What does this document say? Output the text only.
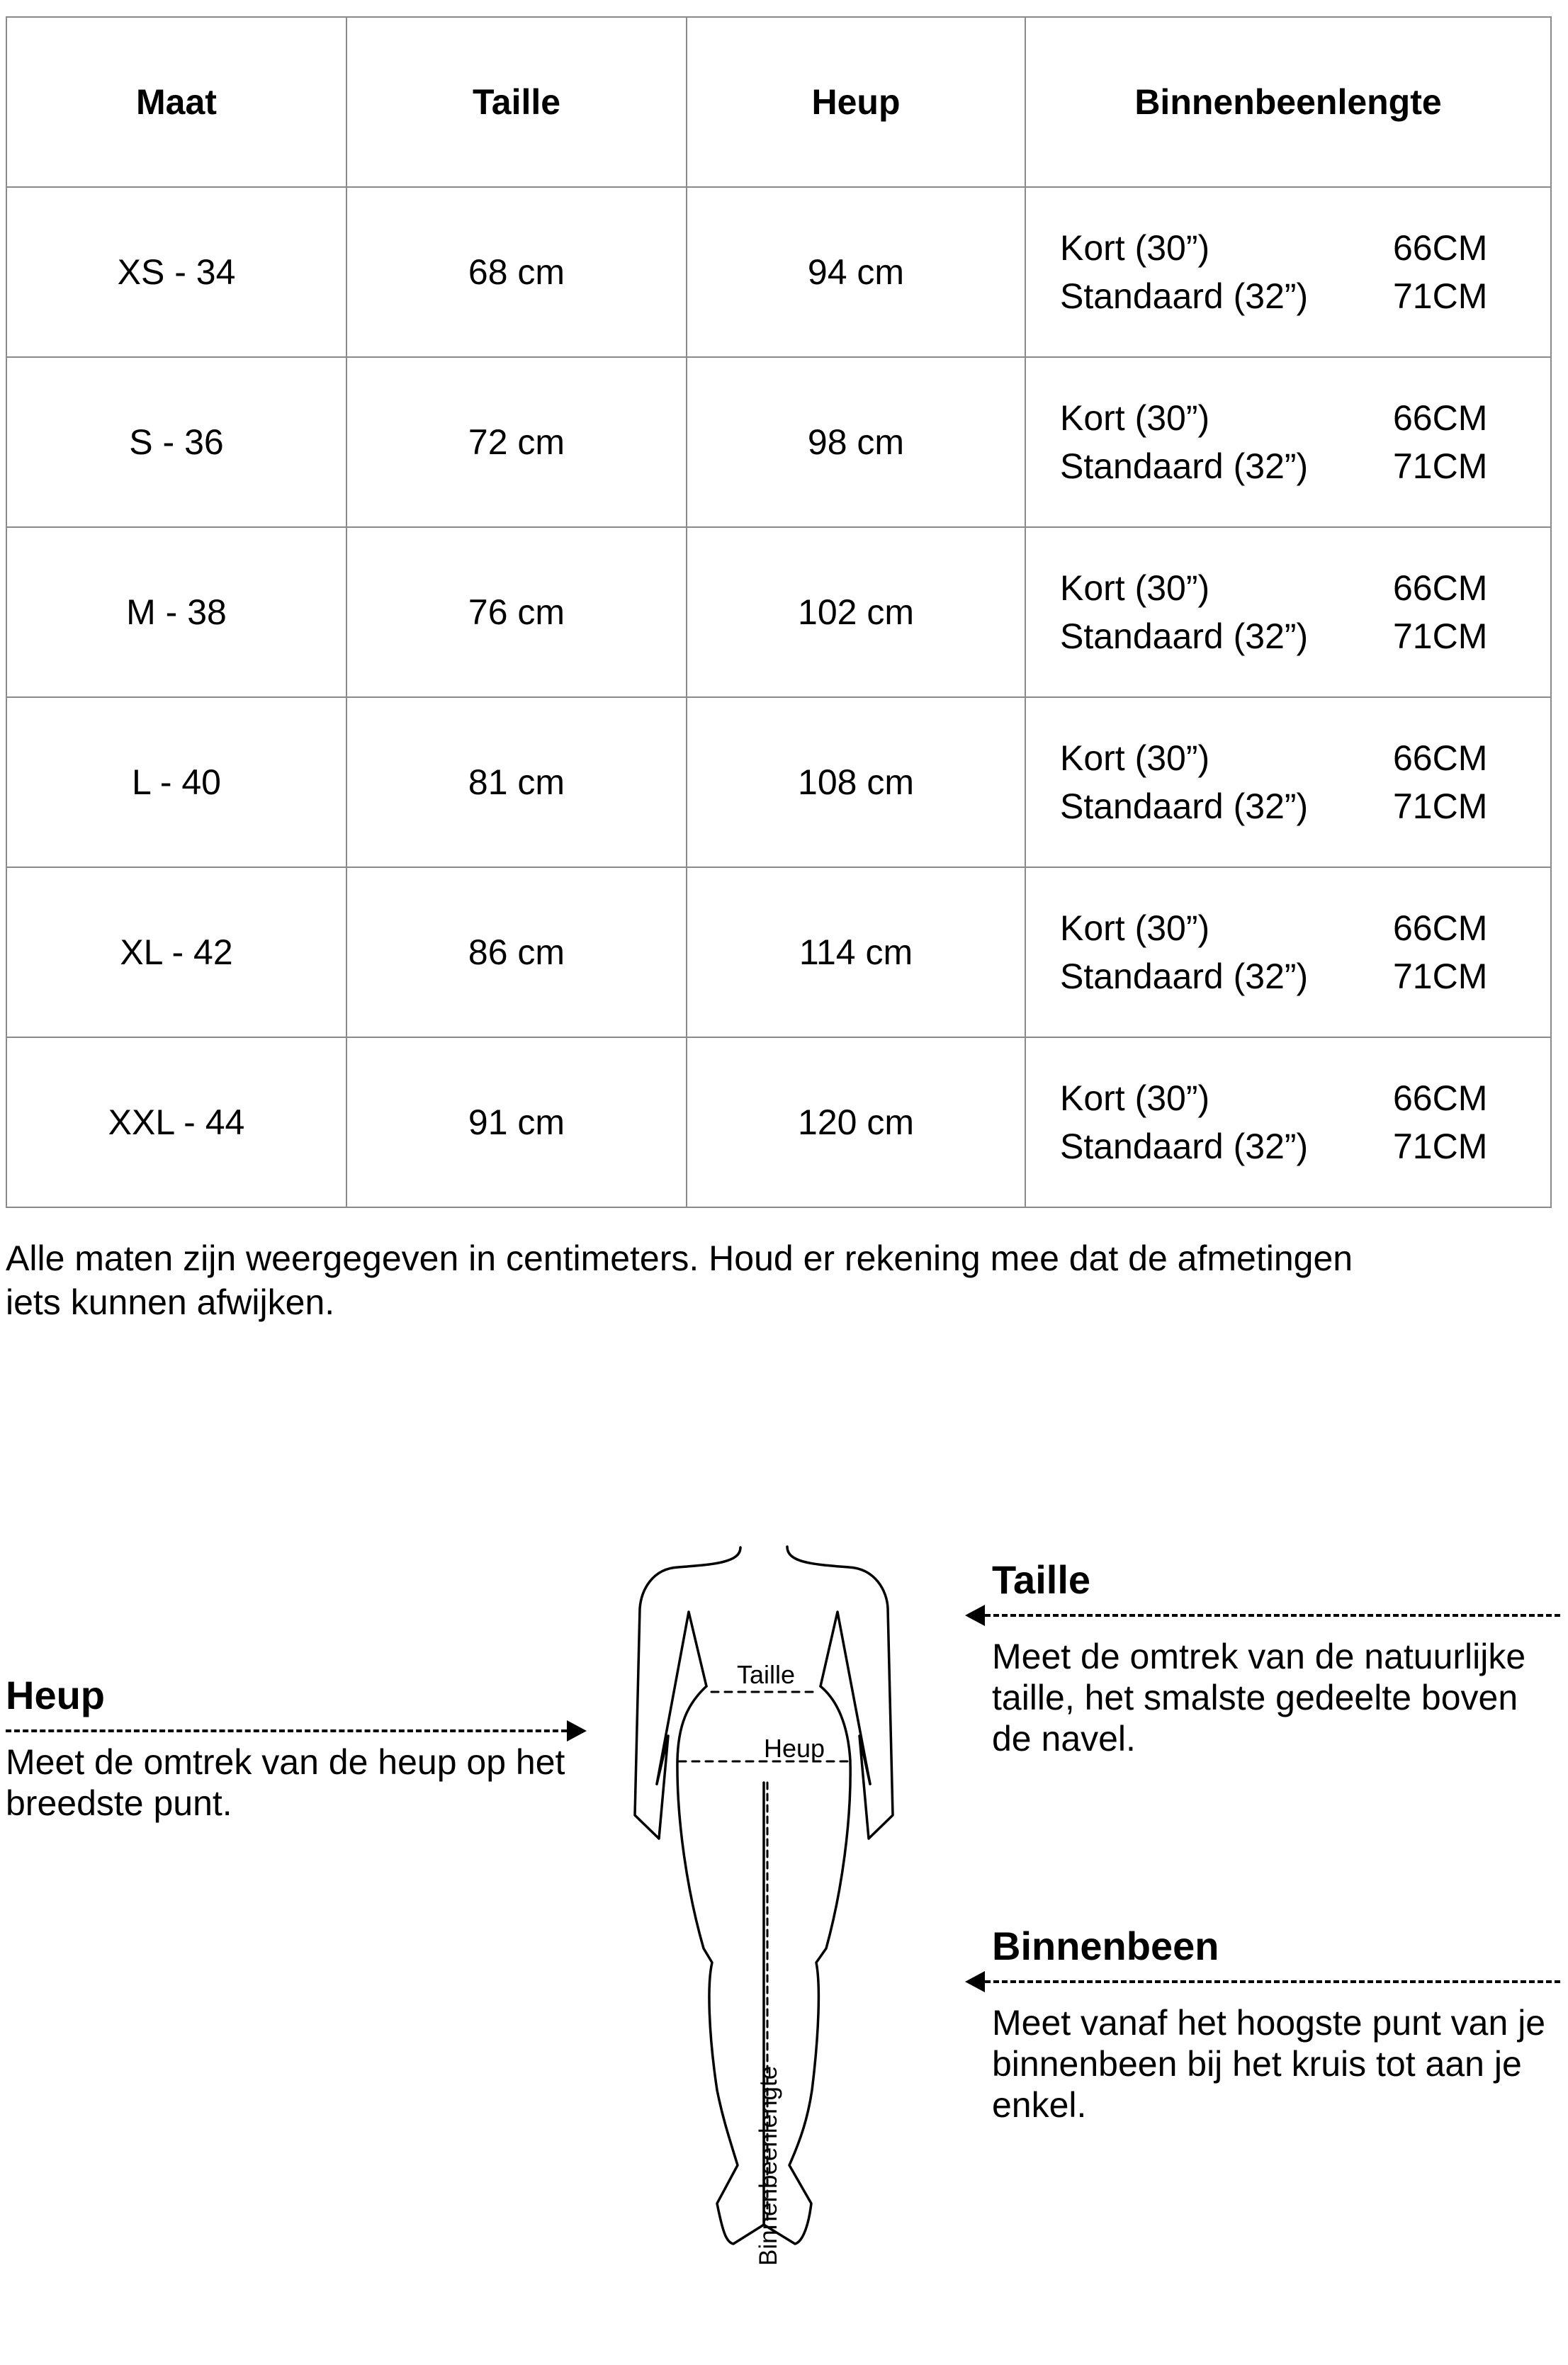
Maat	Taille	Heup	Binnenbeenlengte
XS - 34	68 cm	94 cm	Kort (30”) 66CM
Standaard (32”) 71CM

S - 36	72 cm	98 cm	Kort (30”) 66CM
Standaard (32”) 71CM

M - 38	76 cm	102 cm	Kort (30”) 66CM
Standaard (32”) 71CM

L - 40	81 cm	108 cm	Kort (30”) 66CM
Standaard (32”) 71CM

XL - 42	86 cm	114 cm	Kort (30”) 66CM
Standaard (32”) 71CM

XXL - 44	91 cm	120 cm	Kort (30”) 66CM
Standaard (32”) 71CM
Alle maten zijn weergegeven in centimeters. Houd er rekening mee dat de afmetingen iets kunnen afwijken.
Heup

Meet de omtrek van de heup op het breedste punt.

Taille

Meet de omtrek van de natuurlijke taille, het smalste gedeelte boven de navel.

Binnenbeen

Meet vanaf het hoogste punt van je binnenbeen bij het kruis tot aan je enkel.

Taille
Heup
Binnenbeenlengte
